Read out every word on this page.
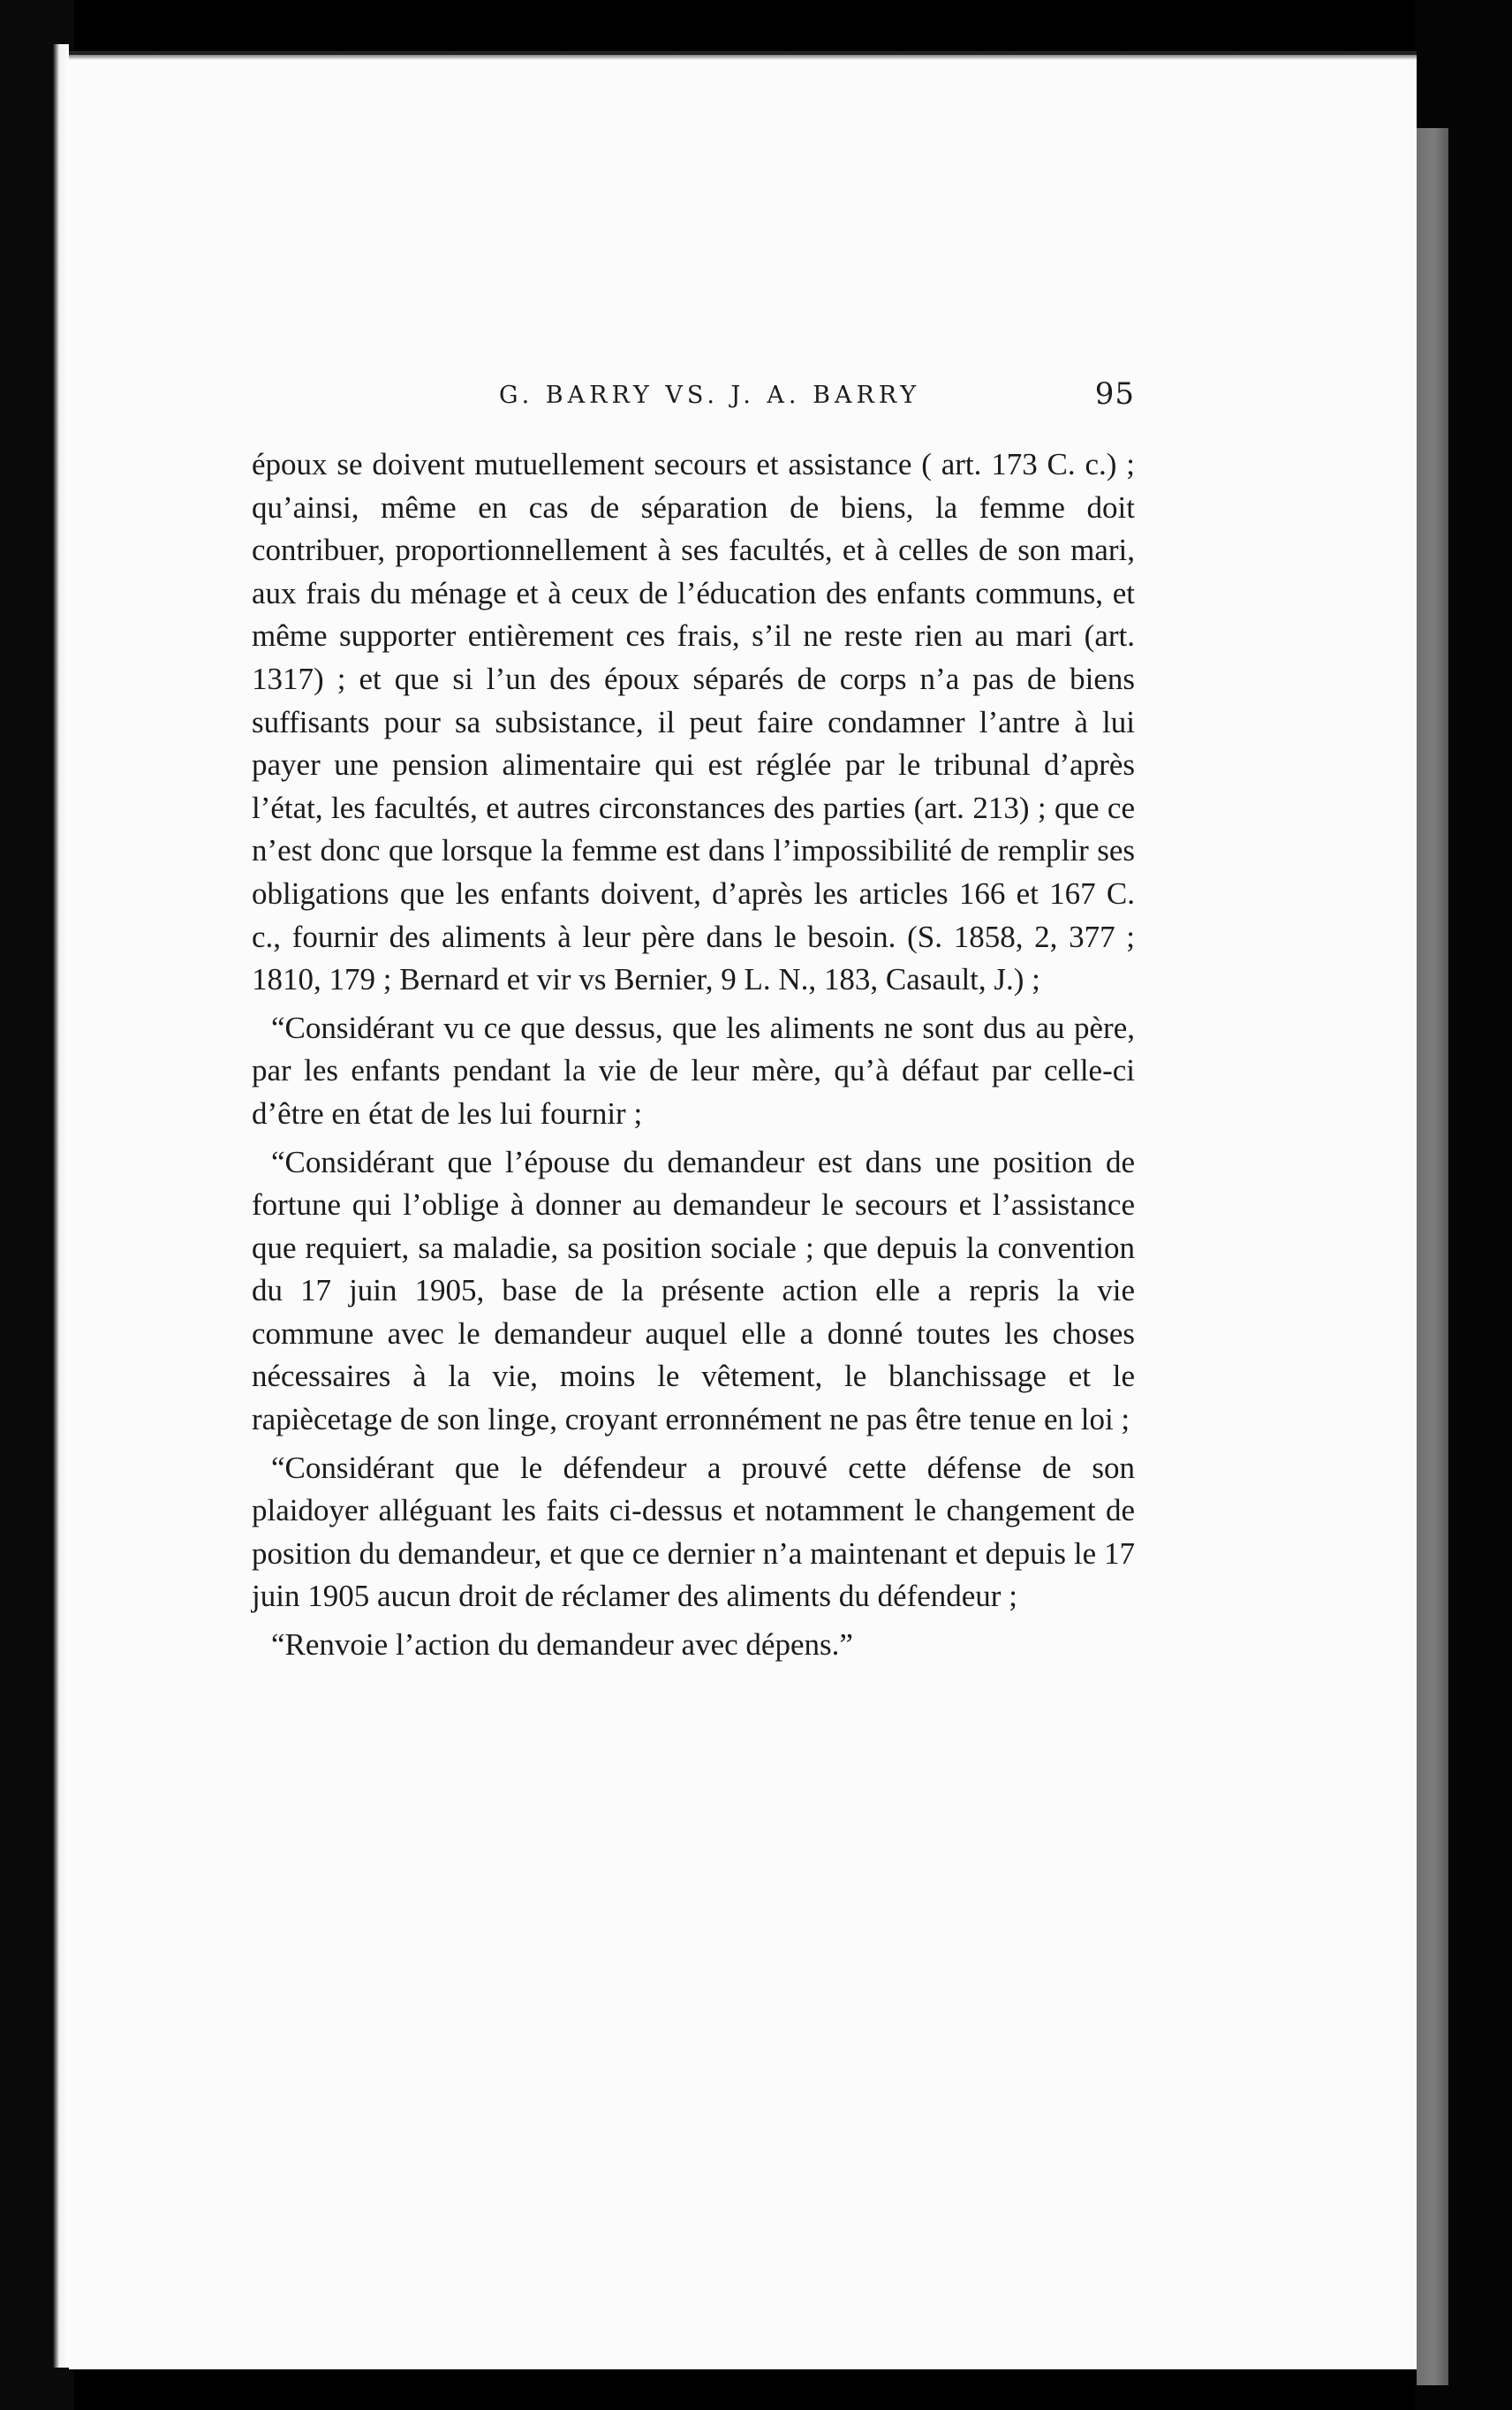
G. BARRY VS. J. A. BARRY	95

époux se doivent mutuellement secours et assistance ( art. 173 C. c.) ; qu’ainsi, même en cas de séparation de biens, la femme doit contribuer, proportionnellement à ses facultés, et à celles de son mari, aux frais du ménage et à ceux de l’éducation des enfants communs, et même supporter entièrement ces frais, s’il ne reste rien au mari (art. 1317) ; et que si l’un des époux séparés de corps n’a pas de biens suffisants pour sa subsistance, il peut faire condamner l’antre à lui payer une pension alimentaire qui est réglée par le tribunal d’après l’état, les facultés, et autres circonstances des parties (art. 213) ; que ce n’est donc que lorsque la femme est dans l’impossibilité de remplir ses obligations que les enfants doivent, d’après les articles 166 et 167 C. c., fournir des aliments à leur père dans le besoin. (S. 1858, 2, 377 ; 1810, 179 ; Bernard et vir vs Bernier, 9 L. N., 183, Casault, J.) ;

“Considérant vu ce que dessus, que les aliments ne sont dus au père, par les enfants pendant la vie de leur mère, qu’à défaut par celle-ci d’être en état de les lui fournir ;

“Considérant que l’épouse du demandeur est dans une position de fortune qui l’oblige à donner au demandeur le secours et l’assistance que requiert, sa maladie, sa position sociale ; que depuis la convention du 17 juin 1905, base de la présente action elle a repris la vie commune avec le demandeur auquel elle a donné toutes les choses nécessaires à la vie, moins le vêtement, le blanchissage et le rapiècetage de son linge, croyant erronnément ne pas être tenue en loi ;

“Considérant que le défendeur a prouvé cette défense de son plaidoyer alléguant les faits ci-dessus et notamment le changement de position du demandeur, et que ce dernier n’a maintenant et depuis le 17 juin 1905 aucun droit de réclamer des aliments du défendeur ;

“Renvoie l’action du demandeur avec dépens.”
